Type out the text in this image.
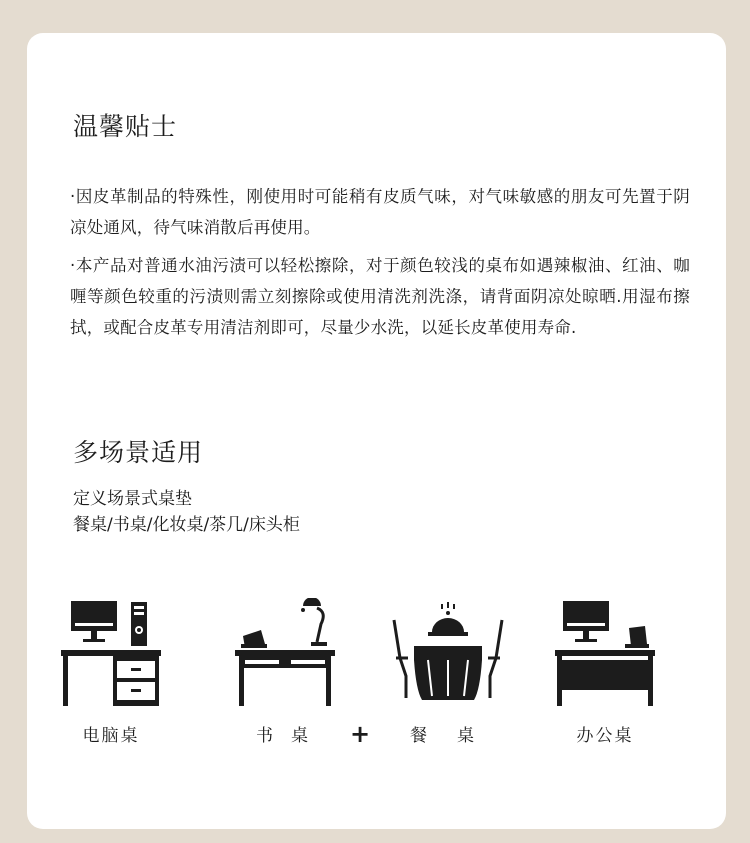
温馨贴士
·因皮革制品的特殊性，刚使用时可能稍有皮质气味，对气味敏感的朋友可先置于阴凉处通风，待气味消散后再使用。
·本产品对普通水油污渍可以轻松擦除，对于颜色较浅的桌布如遇辣椒油、红油、咖喱等颜色较重的污渍则需立刻擦除或使用清洗剂洗涤，请背面阴凉处晾晒.用湿布擦拭，或配合皮革专用清洁剂即可，尽量少水洗，以延长皮革使用寿命.
多场景适用

定义场景式桌垫
餐桌/书桌/化妆桌/茶几/床头柜

电脑桌	书桌	+	餐桌	办公桌
